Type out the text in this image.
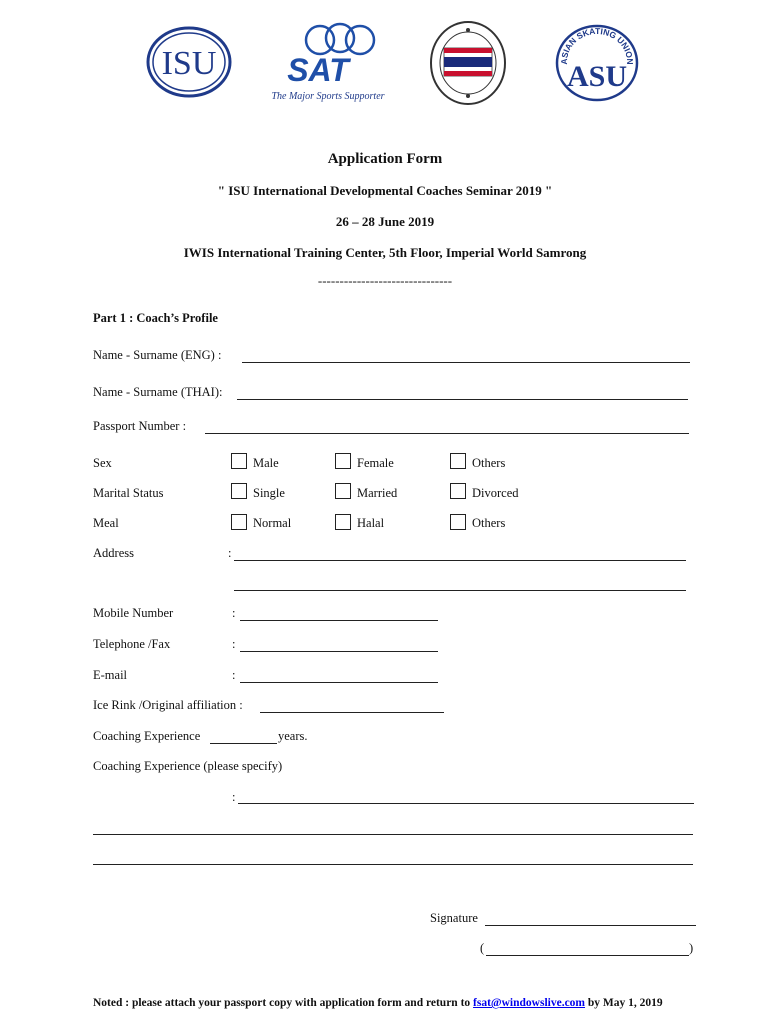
ISU SAT
The Major Sports Supporter
ASIAN SKATING UNION
ASU
Application Form
" ISU International Developmental Coaches Seminar 2019 "
26 – 28 June 2019
IWIS International Training Center, 5th Floor, Imperial World Samrong
-------------------------------
Part 1 : Coach’s Profile
Name - Surname (ENG) :
Name - Surname (THAI):
Passport Number :
Sex	Male	Female	Others
Marital Status	Single	Married	Divorced
Meal	Normal	Halal	Others
Address	:
Mobile Number	:
Telephone /Fax	:
E-mail	:
Ice Rink /Original affiliation :
Coaching Experience	years.
Coaching Experience (please specify)
:
Signature
(	)
Noted : please attach your passport copy with application form and return to fsat@windowslive.com by May 1, 2019
